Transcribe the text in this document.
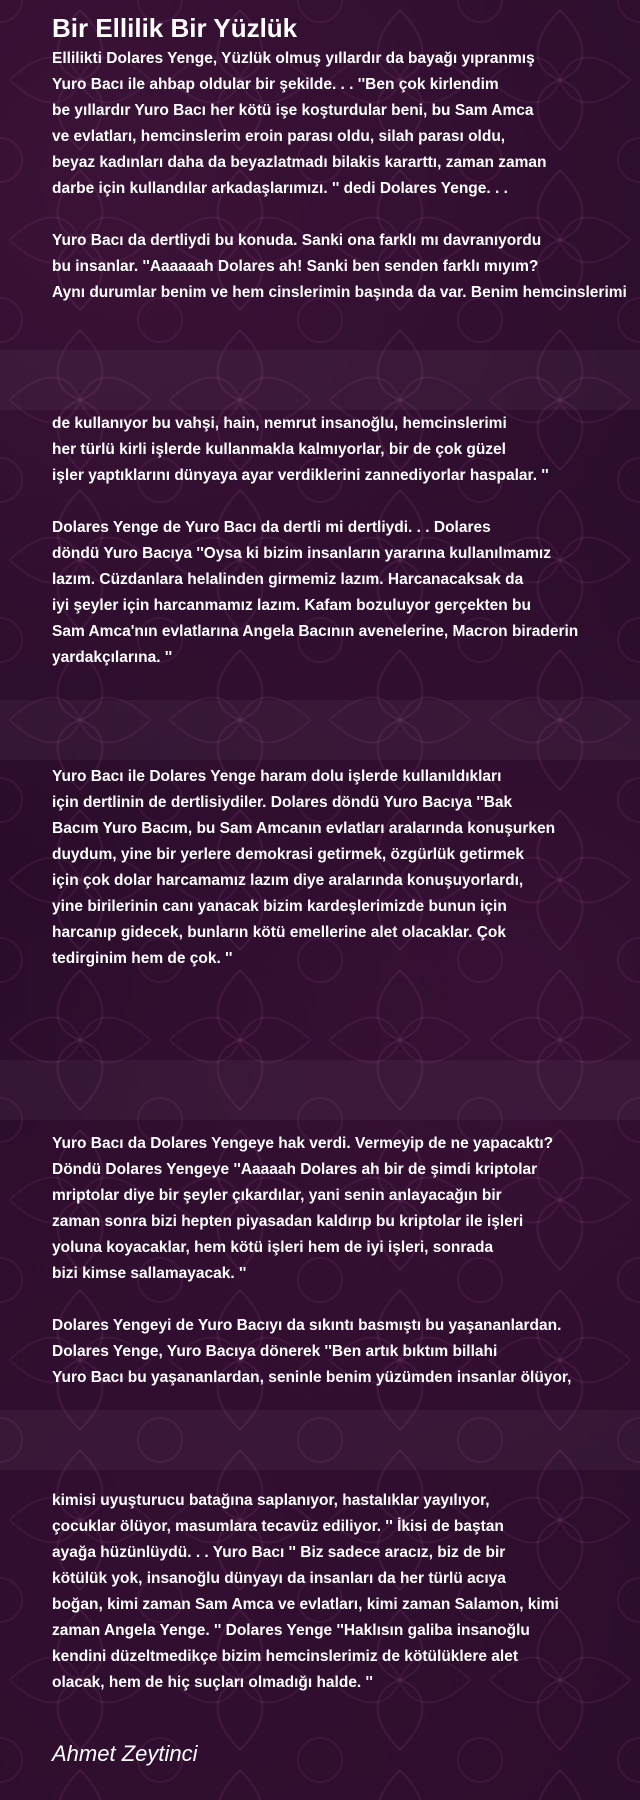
Bir Ellilik Bir Yüzlük
Ellilikti Dolares Yenge, Yüzlük olmuş yıllardır da bayağı yıpranmış
Yuro Bacı ile ahbap oldular bir şekilde. . . ''Ben çok kirlendim
be yıllardır Yuro Bacı her kötü işe koşturdular beni, bu Sam Amca
ve evlatları, hemcinslerim eroin parası oldu, silah parası oldu,
beyaz kadınları daha da beyazlatmadı bilakis kararttı, zaman zaman
darbe için kullandılar arkadaşlarımızı. '' dedi Dolares Yenge. . .

Yuro Bacı da dertliydi bu konuda. Sanki ona farklı mı davranıyordu
bu insanlar. ''Aaaaaah Dolares ah! Sanki ben senden farklı mıyım?
Aynı durumlar benim ve hem cinslerimin başında da var. Benim hemcinslerimi
de kullanıyor bu vahşi, hain, nemrut insanoğlu, hemcinslerimi
her türlü kirli işlerde kullanmakla kalmıyorlar, bir de çok güzel
işler yaptıklarını dünyaya ayar verdiklerini zannediyorlar haspalar. ''

Dolares Yenge de Yuro Bacı da dertli mi dertliydi. . . Dolares
döndü Yuro Bacıya ''Oysa ki bizim insanların yararına kullanılmamız
lazım. Cüzdanlara helalinden girmemiz lazım. Harcanacaksak da
iyi şeyler için harcanmamız lazım. Kafam bozuluyor gerçekten bu
Sam Amca'nın evlatlarına Angela Bacının avenelerine, Macron biraderin
yardakçılarına. ''
Yuro Bacı ile Dolares Yenge haram dolu işlerde kullanıldıkları
için dertlinin de dertlisiydiler. Dolares döndü Yuro Bacıya ''Bak
Bacım Yuro Bacım, bu Sam Amcanın evlatları aralarında konuşurken
duydum, yine bir yerlere demokrasi getirmek, özgürlük getirmek
için çok dolar harcamamız lazım diye aralarında konuşuyorlardı,
yine birilerinin canı yanacak bizim kardeşlerimizde bunun için
harcanıp gidecek, bunların kötü emellerine alet olacaklar. Çok
tedirginim hem de çok. ''
Yuro Bacı da Dolares Yengeye hak verdi. Vermeyip de ne yapacaktı?
Döndü Dolares Yengeye ''Aaaaah Dolares ah bir de şimdi kriptolar
mriptolar diye bir şeyler çıkardılar, yani senin anlayacağın bir
zaman sonra bizi hepten piyasadan kaldırıp bu kriptolar ile işleri
yoluna koyacaklar, hem kötü işleri hem de iyi işleri, sonrada
bizi kimse sallamayacak. ''

Dolares Yengeyi de Yuro Bacıyı da sıkıntı basmıştı bu yaşananlardan.
Dolares Yenge, Yuro Bacıya dönerek ''Ben artık bıktım billahi
Yuro Bacı bu yaşananlardan, seninle benim yüzümden insanlar ölüyor,
kimisi uyuşturucu batağına saplanıyor, hastalıklar yayılıyor,
çocuklar ölüyor, masumlara tecavüz ediliyor. '' İkisi de baştan
ayağa hüzünlüydü. . . Yuro Bacı '' Biz sadece aracız, biz de bir
kötülük yok, insanoğlu dünyayı da insanları da her türlü acıya
boğan, kimi zaman Sam Amca ve evlatları, kimi zaman Salamon, kimi
zaman Angela Yenge. '' Dolares Yenge ''Haklısın galiba insanoğlu
kendini düzeltmedikçe bizim hemcinslerimiz de kötülüklere alet
olacak, hem de hiç suçları olmadığı halde. ''
Ahmet Zeytinci
